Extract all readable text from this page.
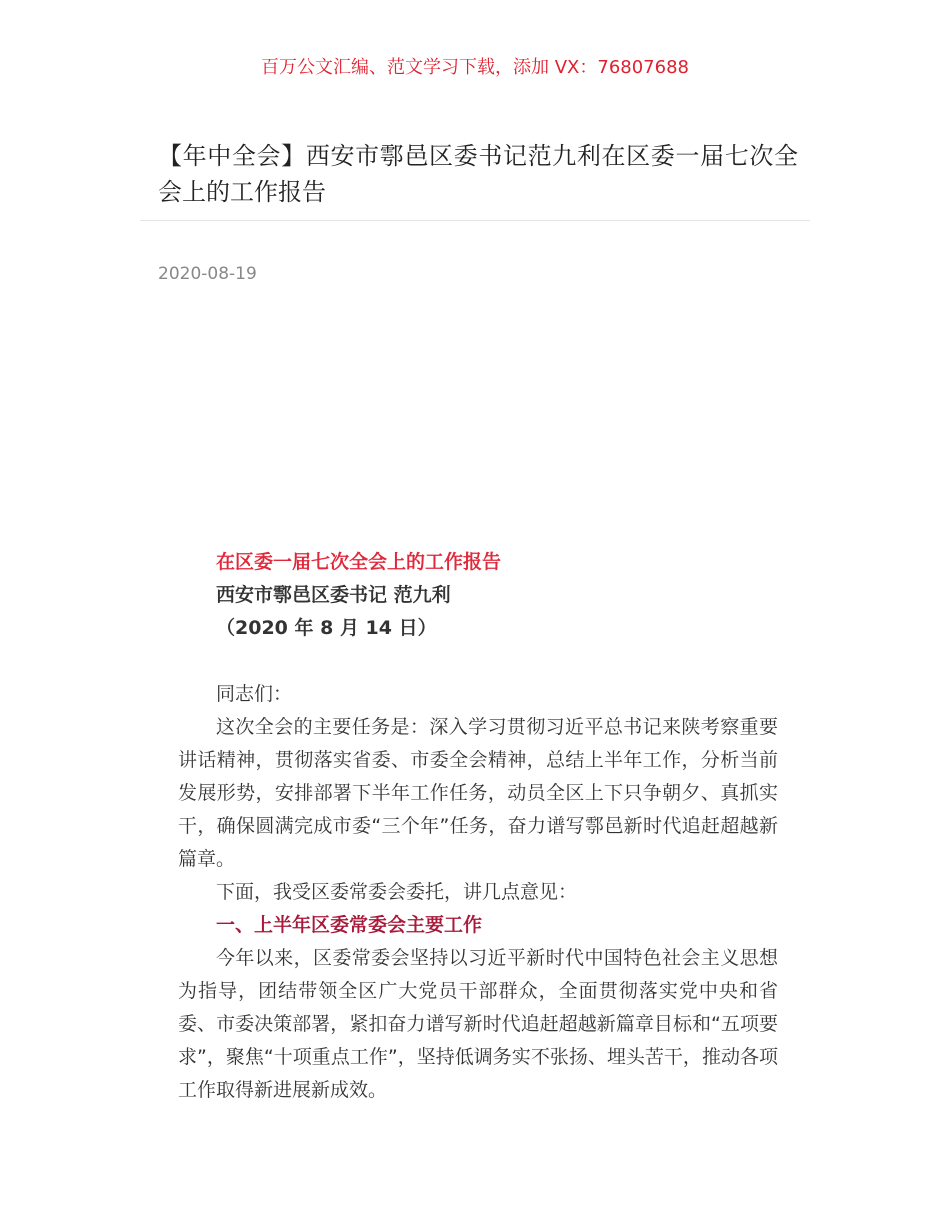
百万公文汇编、范文学习下载，添加 VX：76807688
【年中全会】西安市鄠邑区委书记范九利在区委一届七次全会上的工作报告
2020-08-19

在区委一届七次全会上的工作报告

西安市鄠邑区委书记 范九利

（2020 年 8 月 14 日）

同志们：

这次全会的主要任务是：深入学习贯彻习近平总书记来陕考察重要讲话精神，贯彻落实省委、市委全会精神，总结上半年工作，分析当前发展形势，安排部署下半年工作任务，动员全区上下只争朝夕、真抓实干，确保圆满完成市委“三个年”任务，奋力谱写鄠邑新时代追赶超越新篇章。

下面，我受区委常委会委托，讲几点意见：

一、上半年区委常委会主要工作

今年以来，区委常委会坚持以习近平新时代中国特色社会主义思想为指导，团结带领全区广大党员干部群众，全面贯彻落实党中央和省委、市委决策部署，紧扣奋力谱写新时代追赶超越新篇章目标和“五项要求”，聚焦“十项重点工作”，坚持低调务实不张扬、埋头苦干，推动各项工作取得新进展新成效。
